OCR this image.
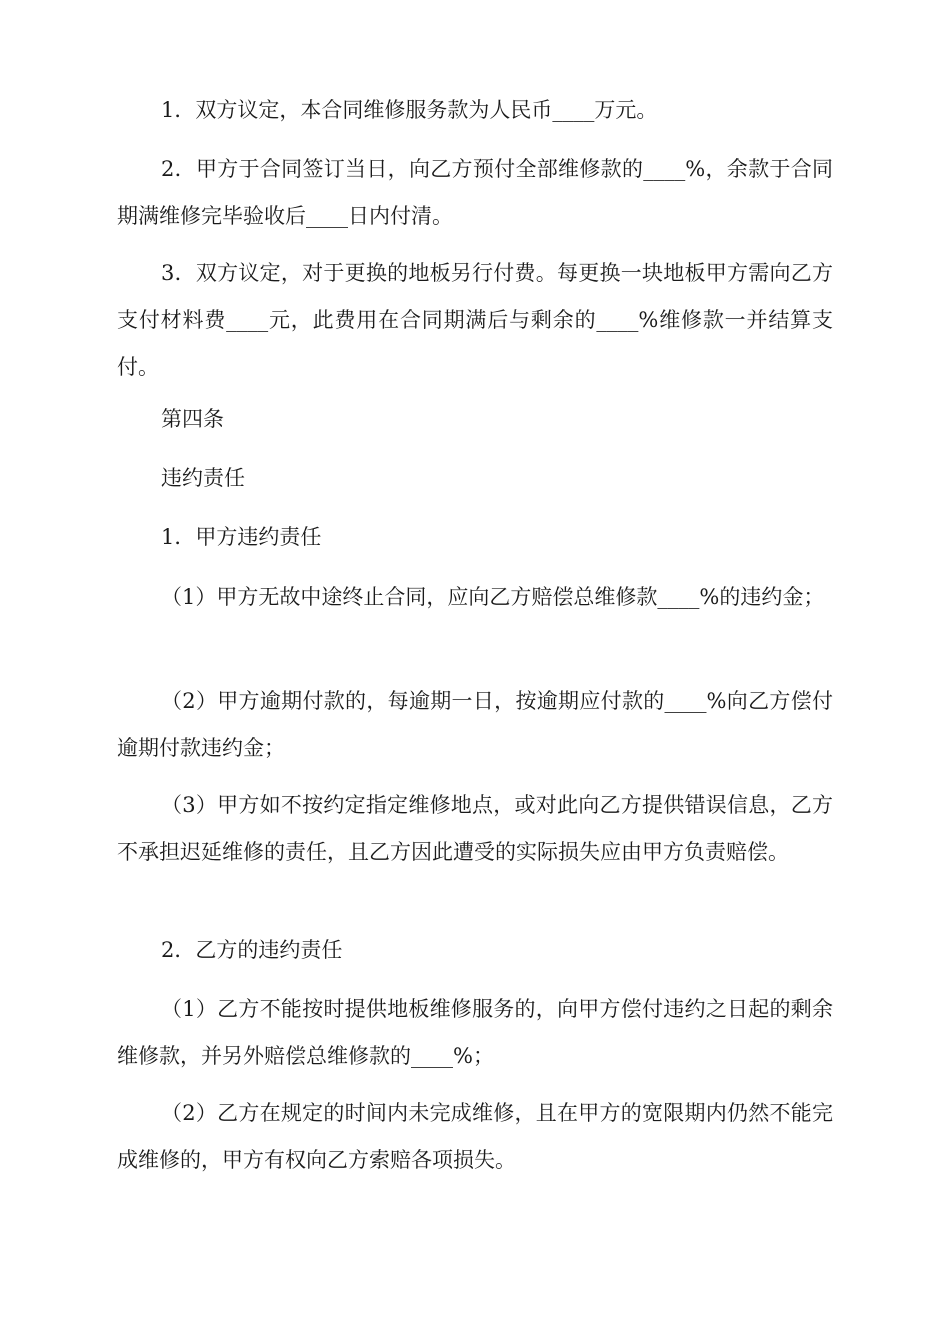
1．双方议定，本合同维修服务款为人民币____万元。

2．甲方于合同签订当日，向乙方预付全部维修款的____%，余款于合同期满维修完毕验收后____日内付清。

3．双方议定，对于更换的地板另行付费。每更换一块地板甲方需向乙方支付材料费____元，此费用在合同期满后与剩余的____%维修款一并结算支付。

第四条

违约责任

1．甲方违约责任

（1）甲方无故中途终止合同，应向乙方赔偿总维修款____%的违约金；

（2）甲方逾期付款的，每逾期一日，按逾期应付款的____%向乙方偿付逾期付款违约金；

（3）甲方如不按约定指定维修地点，或对此向乙方提供错误信息，乙方不承担迟延维修的责任，且乙方因此遭受的实际损失应由甲方负责赔偿。

2．乙方的违约责任

（1）乙方不能按时提供地板维修服务的，向甲方偿付违约之日起的剩余维修款，并另外赔偿总维修款的____%；

（2）乙方在规定的时间内未完成维修，且在甲方的宽限期内仍然不能完成维修的，甲方有权向乙方索赔各项损失。
